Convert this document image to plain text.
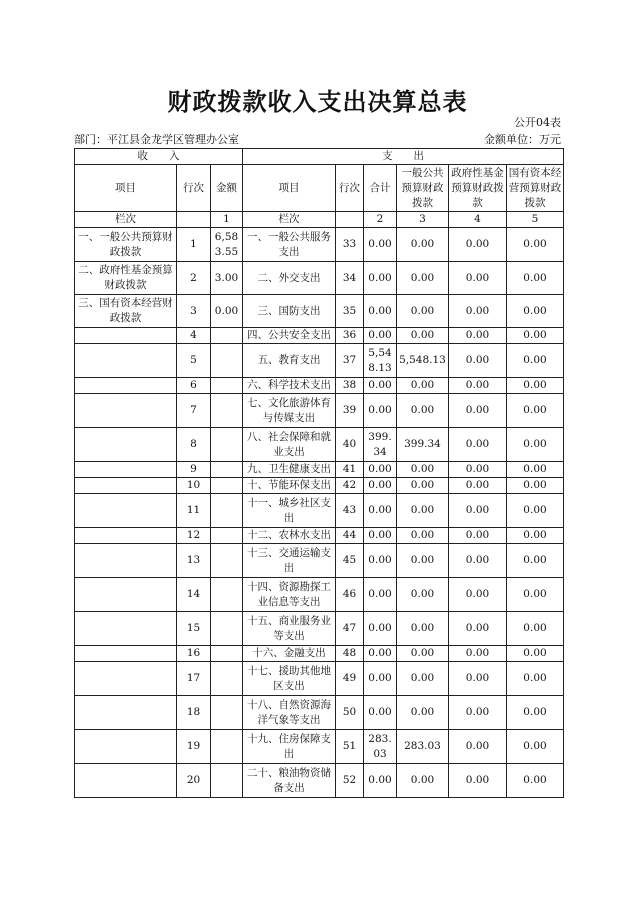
财政拨款收入支出决算总表
公开04表
部门：平江县金龙学区管理办公室	金额单位：万元
收　　入			支　　出					
项目	行次	金额	项目	行次	合计	一般公共预算财政拨款	政府性基金预算财政拨款	国有资本经营预算财政拨款
栏次		1	栏次		2	3	4	5
一、一般公共预算财政拨款	1	6,583.55	一、一般公共服务支出	33	0.00	0.00	0.00	0.00
二、政府性基金预算财政拨款	2	3.00	二、外交支出	34	0.00	0.00	0.00	0.00
三、国有资本经营财政拨款	3	0.00	三、国防支出	35	0.00	0.00	0.00	0.00
	4		四、公共安全支出	36	0.00	0.00	0.00	0.00
	5		五、教育支出	37	5,548.13	5,548.13	0.00	0.00
	6		六、科学技术支出	38	0.00	0.00	0.00	0.00
	7		七、文化旅游体育与传媒支出	39	0.00	0.00	0.00	0.00
	8		八、社会保障和就业支出	40	399.34	399.34	0.00	0.00
	9		九、卫生健康支出	41	0.00	0.00	0.00	0.00
	10		十、节能环保支出	42	0.00	0.00	0.00	0.00
	11		十一、城乡社区支出	43	0.00	0.00	0.00	0.00
	12		十二、农林水支出	44	0.00	0.00	0.00	0.00
	13		十三、交通运输支出	45	0.00	0.00	0.00	0.00
	14		十四、资源勘探工业信息等支出	46	0.00	0.00	0.00	0.00
	15		十五、商业服务业等支出	47	0.00	0.00	0.00	0.00
	16		十六、金融支出	48	0.00	0.00	0.00	0.00
	17		十七、援助其他地区支出	49	0.00	0.00	0.00	0.00
	18		十八、自然资源海洋气象等支出	50	0.00	0.00	0.00	0.00
	19		十九、住房保障支出	51	283.03	283.03	0.00	0.00
	20		二十、粮油物资储备支出	52	0.00	0.00	0.00	0.00
